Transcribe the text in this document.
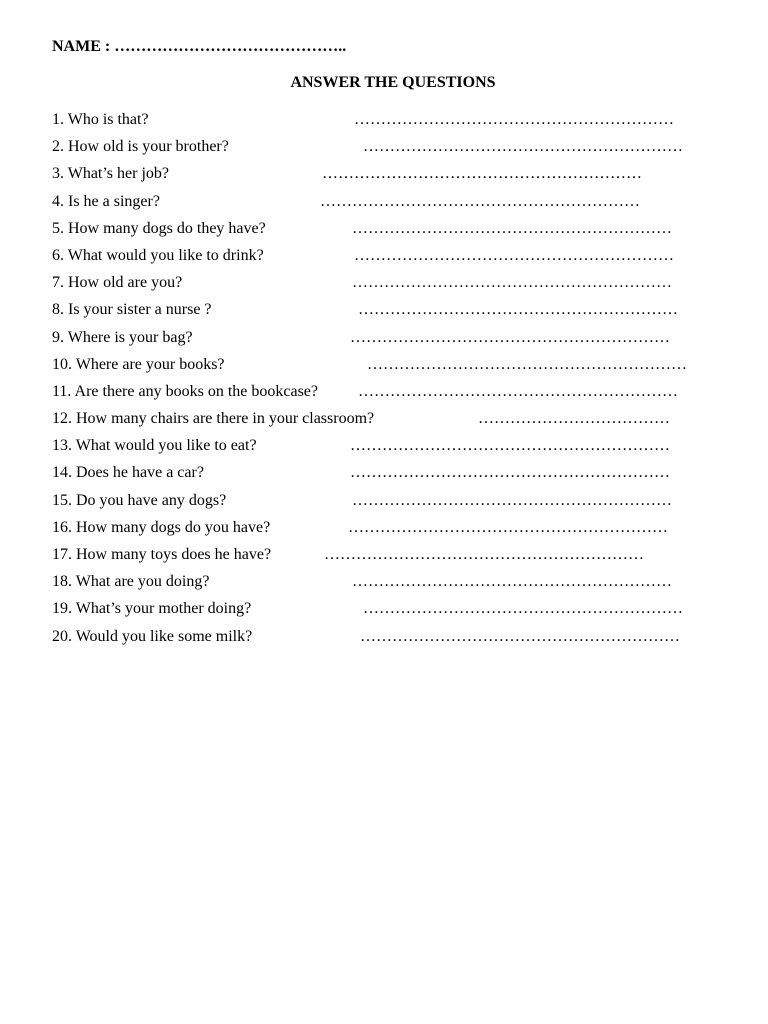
NAME : ……………………………………..
ANSWER THE QUESTIONS
1. Who is that?	……………………………………………………
2. How old is your brother?	……………………………………………………
3. What’s her job?	……………………………………………………
4. Is he a singer?	……………………………………………………
5. How many dogs do they have?	……………………………………………………
6. What would you like to drink?	……………………………………………………
7. How old are you?	……………………………………………………
8. Is your sister a nurse ?	……………………………………………………
9. Where is your bag?	……………………………………………………
10. Where are your books?	……………………………………………………
11. Are there any books on the bookcase?	……………………………………………………
12. How many chairs are there in your classroom?	………………………………
13. What would you like to eat?	……………………………………………………
14. Does he have a car?	……………………………………………………
15. Do you have any dogs?	……………………………………………………
16. How many dogs do you have?	……………………………………………………
17. How many toys does he have?	……………………………………………………
18. What are you doing?	……………………………………………………
19. What’s your mother doing?	……………………………………………………
20. Would you like some milk?	……………………………………………………
